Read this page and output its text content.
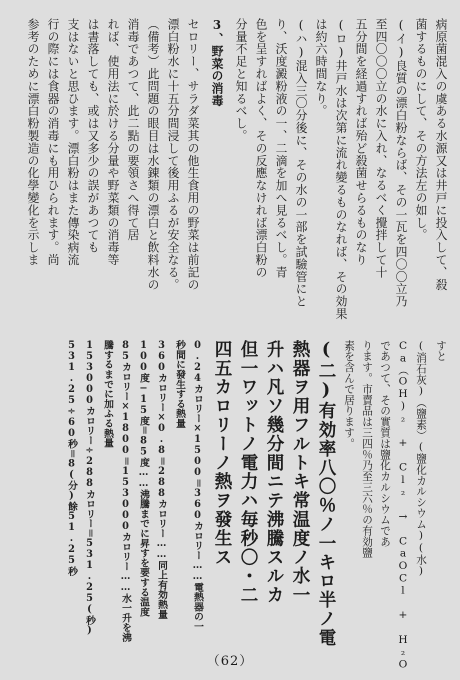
病原菌混入の虞ある水源又は井戸に投入して、殺
菌するものにして、その方法左の如し。
(イ)良質の漂白粉ならば、その一瓦を四〇〇立乃
至四〇〇〇立の水に入れ、なるべく攪拌して十
五分間を経過すれば殆ど殺菌せらるものなり
(ロ)井戸水は次第に流れ變るものなれば、その効果
は約六時間なり。
(ハ)混入三〇分後に、その水の一部を試驗管にと
り、沃度澱粉液の一、二滴を加へ見るべし。青
色を呈すればよく、その反應なければ漂白粉の
分量不足と知るべし。
3、野菜の消毒
セロリー、サラダ菜其の他生食用の野菜は前記の
漂白粉水に十五分間浸して後用ふるが安全なる。
（備考）此問題の眼目は水錬類の漂白と飲料水の
消毒であつて、此二點の要領さへ得て居
れば、使用法に於ける分量や野菜類の消毒等
は書落しても、或は又多少の誤があつても
支はないと思ひます。漂白粉はまた傳染病流
行の際には食器の消毒にも用ひられます。尚
参考のために漂白粉製造の化學變化を示しま
すと
(消石灰)（鹽素）(鹽化カルシウム)(水)
Ca（OH)₂ + Cl₂ → CaOCl + H₂O
であつて、その實質は鹽化カルシウムであ
ります。市賣品は三四％乃至三六％の有効鹽
素を含んで居ります。
(二)有効率八〇％ノ一キロ半ノ電
熱器ヲ用フルトキ常温度ノ水一
升ハ凡ソ幾分間ニテ沸騰スルカ
但一ワットノ電力ハ毎秒〇・二
四五カロリーノ熱ヲ發生ス
0.24カロリー×1500＝360カロリー……電熱器の一
秒間に發生する熱量
360カロリー×0.8＝288カロリー……同上有効熱量
100度−15度＝85度……沸騰までに昇すを要する温度
85カロリー×1800＝153000カロリー……水一升を沸
騰するまでに加ふる熱量
153000カロリー÷288カロリー＝531.25(秒)
531.25÷60秒＝8(分)餘51.25秒
（62）
